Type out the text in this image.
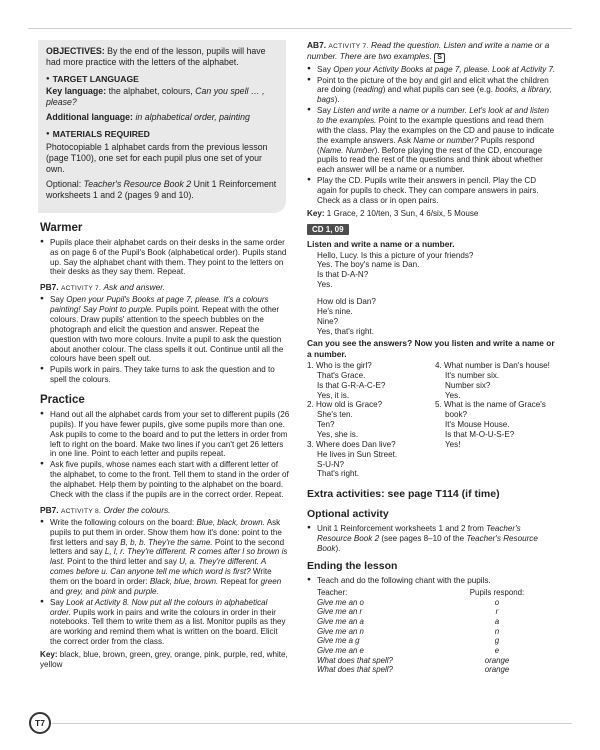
OBJECTIVES: By the end of the lesson, pupils will have had more practice with the letters of the alphabet.

● TARGET LANGUAGE

Key language: the alphabet, colours, Can you spell … , please?

Additional language: in alphabetical order, painting

● MATERIALS REQUIRED

Photocopiable 1 alphabet cards from the previous lesson (page T100), one set for each pupil plus one set of your own.

Optional: Teacher's Resource Book 2 Unit 1 Reinforcement worksheets 1 and 2 (pages 9 and 10).

Warmer
● Pupils place their alphabet cards on their desks in the same order as on page 6 of the Pupil's Book (alphabetical order). Pupils stand up. Say the alphabet chant with them. They point to the letters on their desks as they say them. Repeat.
PB7. ACTIVITY 7. Ask and answer.
● Say Open your Pupil's Books at page 7, please. It's a colours painting! Say Point to purple. Pupils point. Repeat with the other colours. Draw pupils' attention to the speech bubbles on the photograph and elicit the question and answer. Repeat the question with two more colours. Invite a pupil to ask the question about another colour. The class spells it out. Continue until all the colours have been spelt out.
● Pupils work in pairs. They take turns to ask the question and to spell the colours.
Practice
● Hand out all the alphabet cards from your set to different pupils (26 pupils). If you have fewer pupils, give some pupils more than one. Ask pupils to come to the board and to put the letters in order from left to right on the board. Make two lines if you can't get 26 letters in one line. Point to each letter and pupils repeat.
● Ask five pupils, whose names each start with a different letter of the alphabet, to come to the front. Tell them to stand in the order of the alphabet. Help them by pointing to the alphabet on the board. Check with the class if the pupils are in the correct order. Repeat.
PB7. ACTIVITY 8. Order the colours.
● Write the following colours on the board: Blue, black, brown. Ask pupils to put them in order. Show them how it's done: point to the first letters and say B, b, b. They're the same. Point to the second letters and say L, l, r. They're different. R comes after l so brown is last. Point to the third letter and say U, a. They're different. A comes before u. Can anyone tell me which word is first? Write them on the board in order: Black, blue, brown. Repeat for green and grey, and pink and purple.
● Say Look at Activity 8. Now put all the colours in alphabetical order. Pupils work in pairs and write the colours in order in their notebooks. Tell them to write them as a list. Monitor pupils as they are working and remind them what is written on the board. Elicit the correct order from the class.

Key: black, blue, brown, green, grey, orange, pink, purple, red, white, yellow

AB7. ACTIVITY 7. Read the question. Listen and write a name or a number. There are two examples. S
● Say Open your Activity Books at page 7, please. Look at Activity 7.
● Point to the picture of the boy and girl and elicit what the children are doing (reading) and what pupils can see (e.g. books, a library, bags).
● Say Listen and write a name or a number. Let's look at and listen to the examples. Point to the example questions and read them with the class. Play the examples on the CD and pause to indicate the example answers. Ask Name or number? Pupils respond (Name. Number). Before playing the rest of the CD, encourage pupils to read the rest of the questions and think about whether each answer will be a name or a number.
● Play the CD. Pupils write their answers in pencil. Play the CD again for pupils to check. They can compare answers in pairs. Check as a class or in open pairs.

Key: 1 Grace, 2 10/ten, 3 Sun, 4 6/six, 5 Mouse

CD 1, 09
Listen and write a name or a number.
Hello, Lucy. Is this a picture of your friends?
Yes. The boy's name is Dan.
Is that D-A-N?
Yes.
How old is Dan?
He's nine.
Nine?
Yes, that's right.
Can you see the answers? Now you listen and write a name or a number.
1. Who is the girl?
That's Grace.
Is that G-R-A-C-E?
Yes, it is.
2. How old is Grace?
She's ten.
Ten?
Yes, she is.
3. Where does Dan live?
He lives in Sun Street.
S-U-N?
That's right.
4. What number is Dan's house!
It's number six.
Number six?
Yes.
5. What is the name of Grace's
book?
It's Mouse House.
Is that M-O-U-S-E?
Yes!
Extra activities: see page T114 (if time)
Optional activity
● Unit 1 Reinforcement worksheets 1 and 2 from Teacher's Resource Book 2 (see pages 8–10 of the Teacher's Resource Book).
Ending the lesson
● Teach and do the following chant with the pupils.
Teacher:	Pupils respond:
Give me an o	o
Give me an r	r
Give me an a	a
Give me an n	n
Give me a g	g
Give me an e	e
What does that spell?	orange
What does that spell?	orange
T7
